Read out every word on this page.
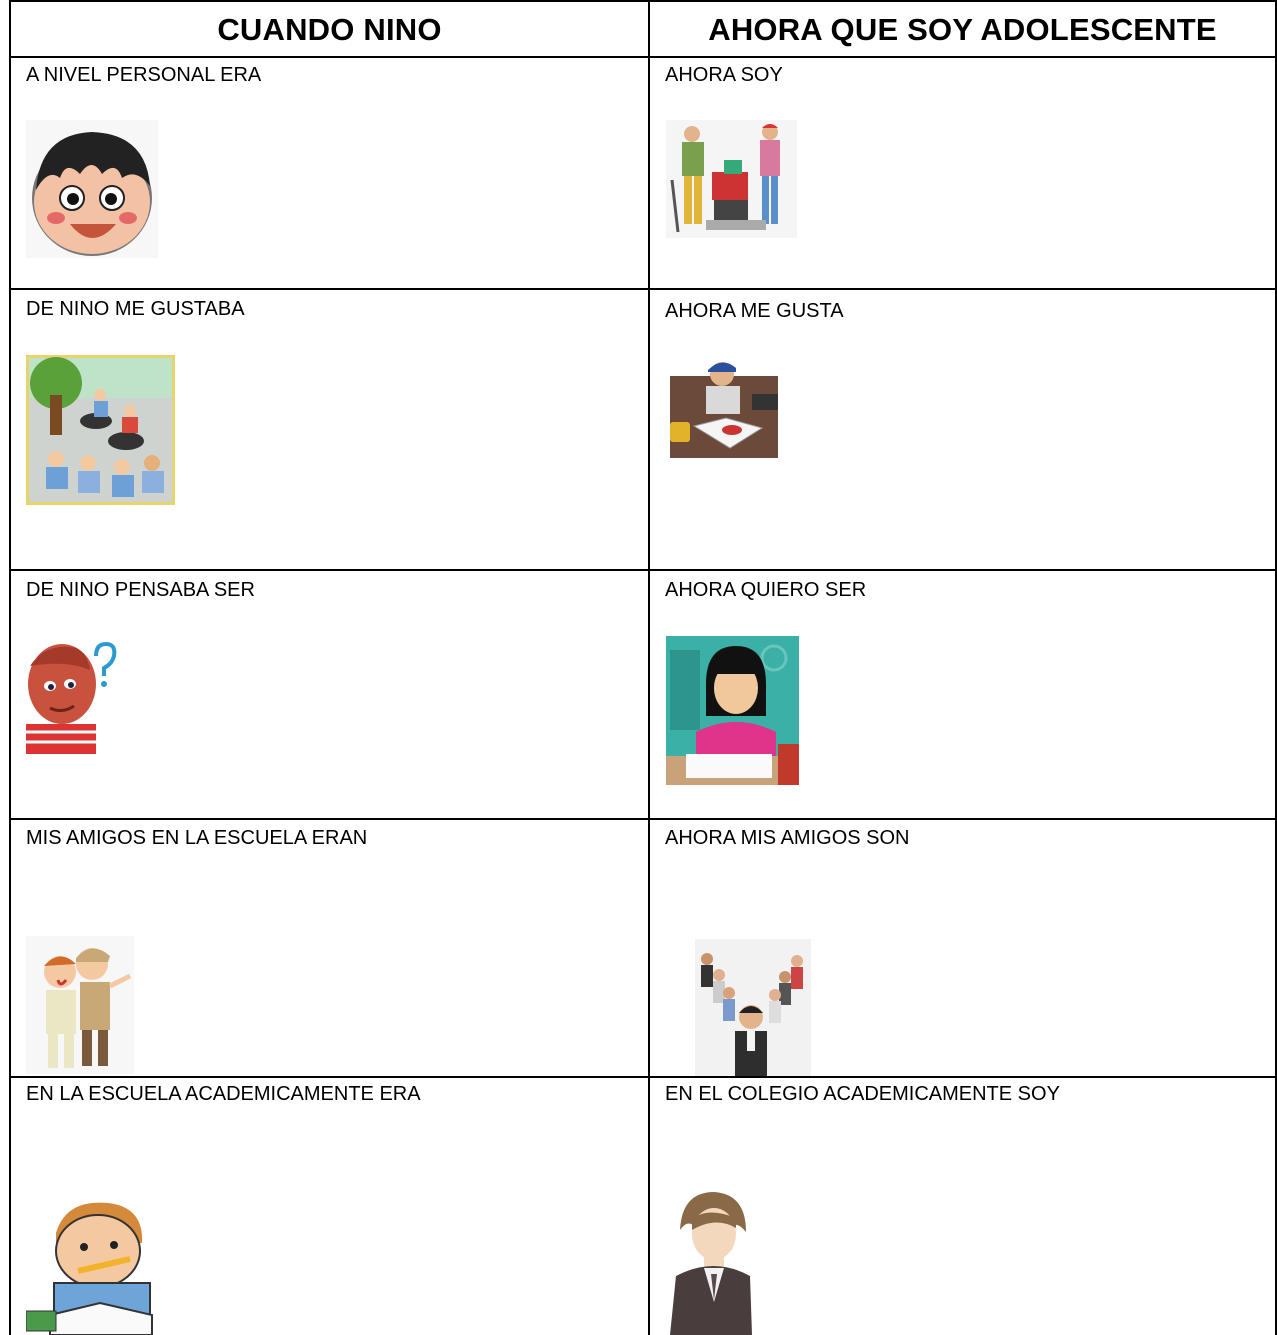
CUANDO NINO	AHORA QUE SOY ADOLESCENTE
A NIVEL PERSONAL ERA	AHORA SOY
DE NINO ME GUSTABA	AHORA ME GUSTA
DE NINO PENSABA SER	AHORA QUIERO SER
MIS AMIGOS EN LA ESCUELA ERAN	AHORA MIS AMIGOS SON
EN LA ESCUELA ACADEMICAMENTE ERA	EN EL COLEGIO ACADEMICAMENTE SOY
